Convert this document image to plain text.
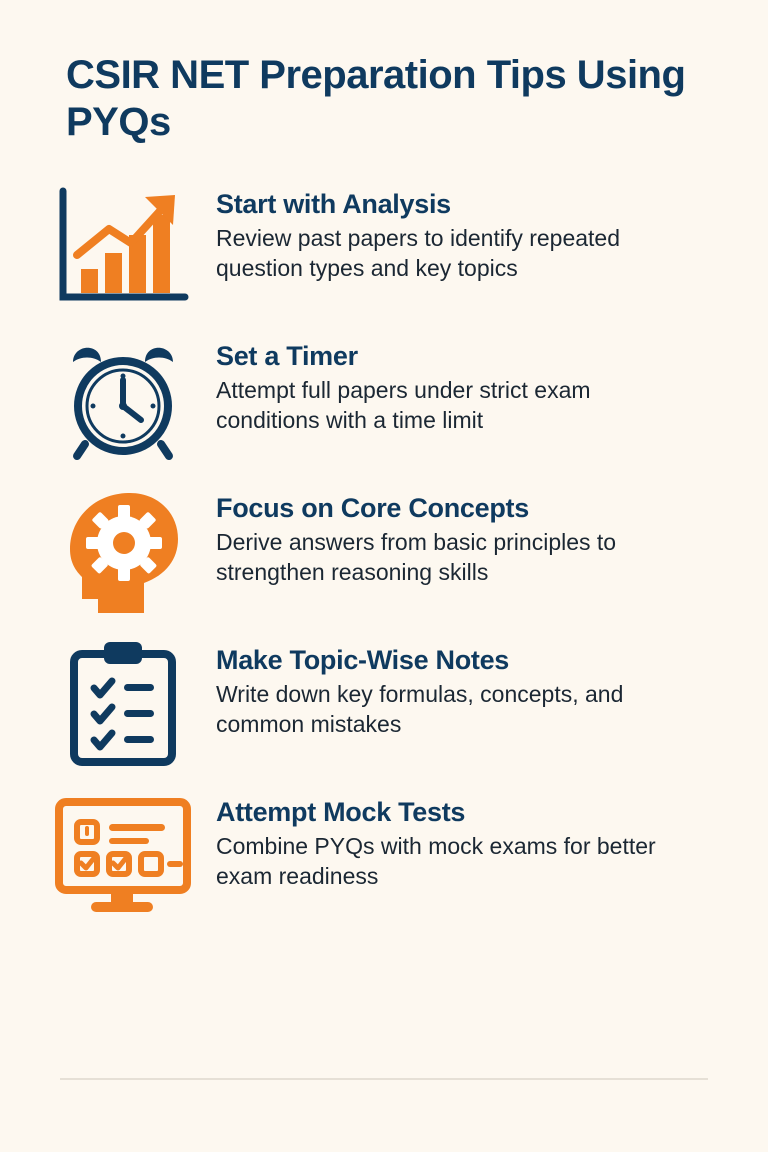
CSIR NET Preparation Tips Using PYQs

Start with Analysis

Review past papers to identify repeated question types and key topics

Set a Timer

Attempt full papers under strict exam conditions with a time limit

Focus on Core Concepts

Derive answers from basic principles to strengthen reasoning skills

Make Topic-Wise Notes

Write down key formulas, concepts, and common mistakes

Attempt Mock Tests

Combine PYQs with mock exams for better exam readiness
